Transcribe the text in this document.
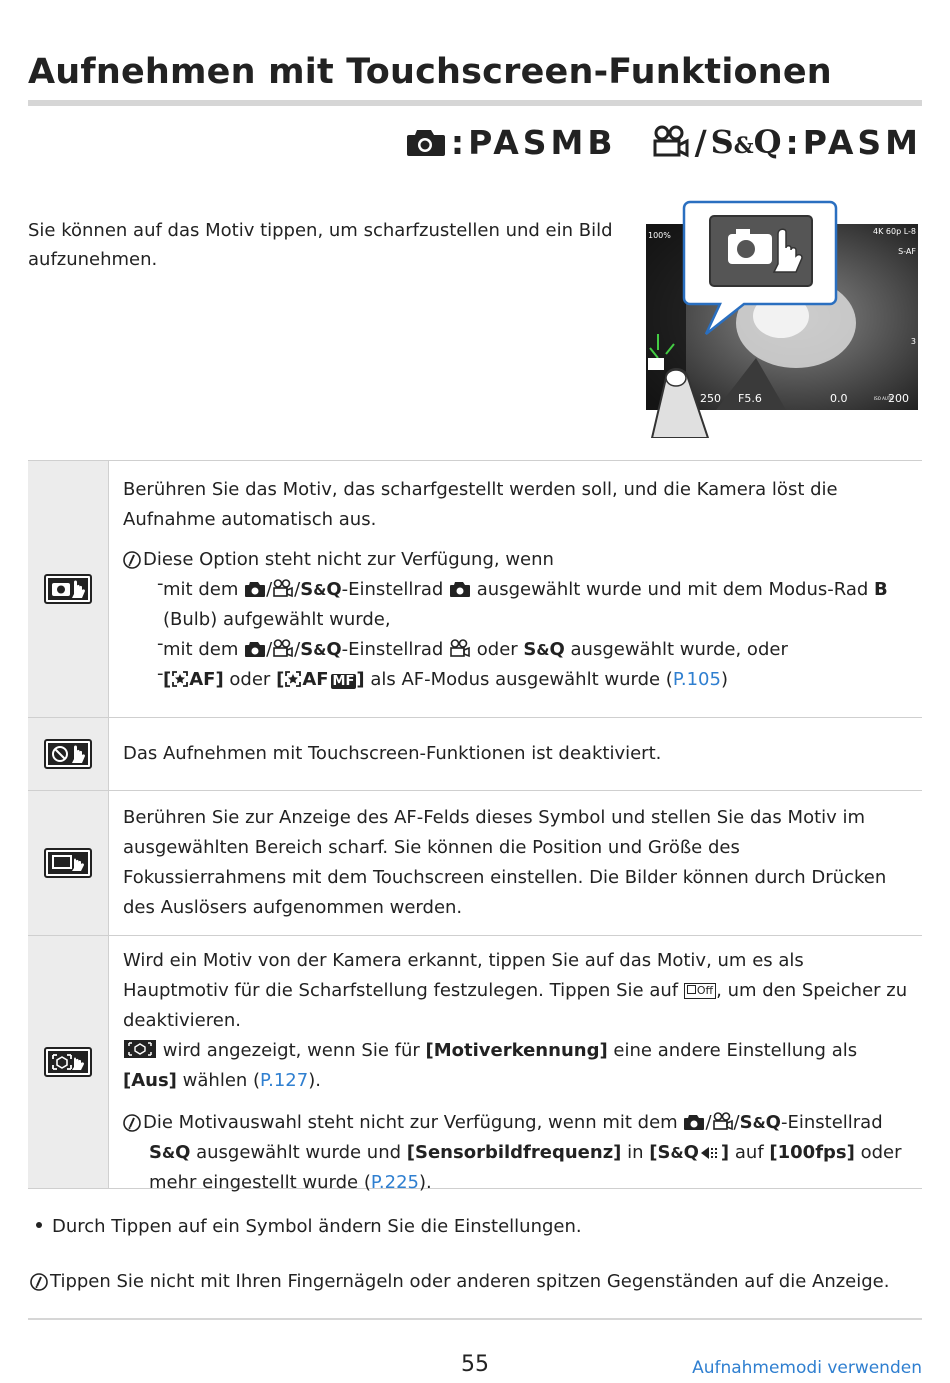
Aufnehmen mit Touchscreen-Funktionen
: PASMB / S&Q : PASM

Sie können auf das Motiv tippen, um scharfzustellen und ein Bild aufzunehmen.

100%	4K 60p L-8
S-AF
3
250 F5.6	0.0	ISO AUTO
200

Berühren Sie das Motiv, das scharfgestellt werden soll, und die Kamera löst die Aufnahme automatisch aus.

Diese Option steht nicht zur Verfügung, wenn
- mit dem / /S&Q-Einstellrad ausgewählt wurde und mit dem Modus-Rad B
(Bulb) aufgewählt wurde,
- mit dem / /S&Q-Einstellrad oder S&Q ausgewählt wurde, oder
- [ AF] oder [ AF MF ] als AF-Modus ausgewählt wurde (P.105)

Das Aufnehmen mit Touchscreen-Funktionen ist deaktiviert.

Berühren Sie zur Anzeige des AF-Felds dieses Symbol und stellen Sie das Motiv im ausgewählten Bereich scharf. Sie können die Position und Größe des Fokussierrahmens mit dem Touchscreen einstellen. Die Bilder können durch Drücken des Auslösers aufgenommen werden.

Wird ein Motiv von der Kamera erkannt, tippen Sie auf das Motiv, um es als Hauptmotiv für die Scharfstellung festzulegen. Tippen Sie auf Off , um den Speicher zu deaktivieren.
wird angezeigt, wenn Sie für [Motiverkennung] eine andere Einstellung als [Aus] wählen (P.127).

Die Motivauswahl steht nicht zur Verfügung, wenn mit dem / /S&Q-Einstellrad
S&Q ausgewählt wurde und [Sensorbildfrequenz] in [S&Q ] auf [100fps] oder
mehr eingestellt wurde (P.225).
Durch Tippen auf ein Symbol ändern Sie die Einstellungen.
Tippen Sie nicht mit Ihren Fingernägeln oder anderen spitzen Gegenständen auf die Anzeige.
55	Aufnahmemodi verwenden
